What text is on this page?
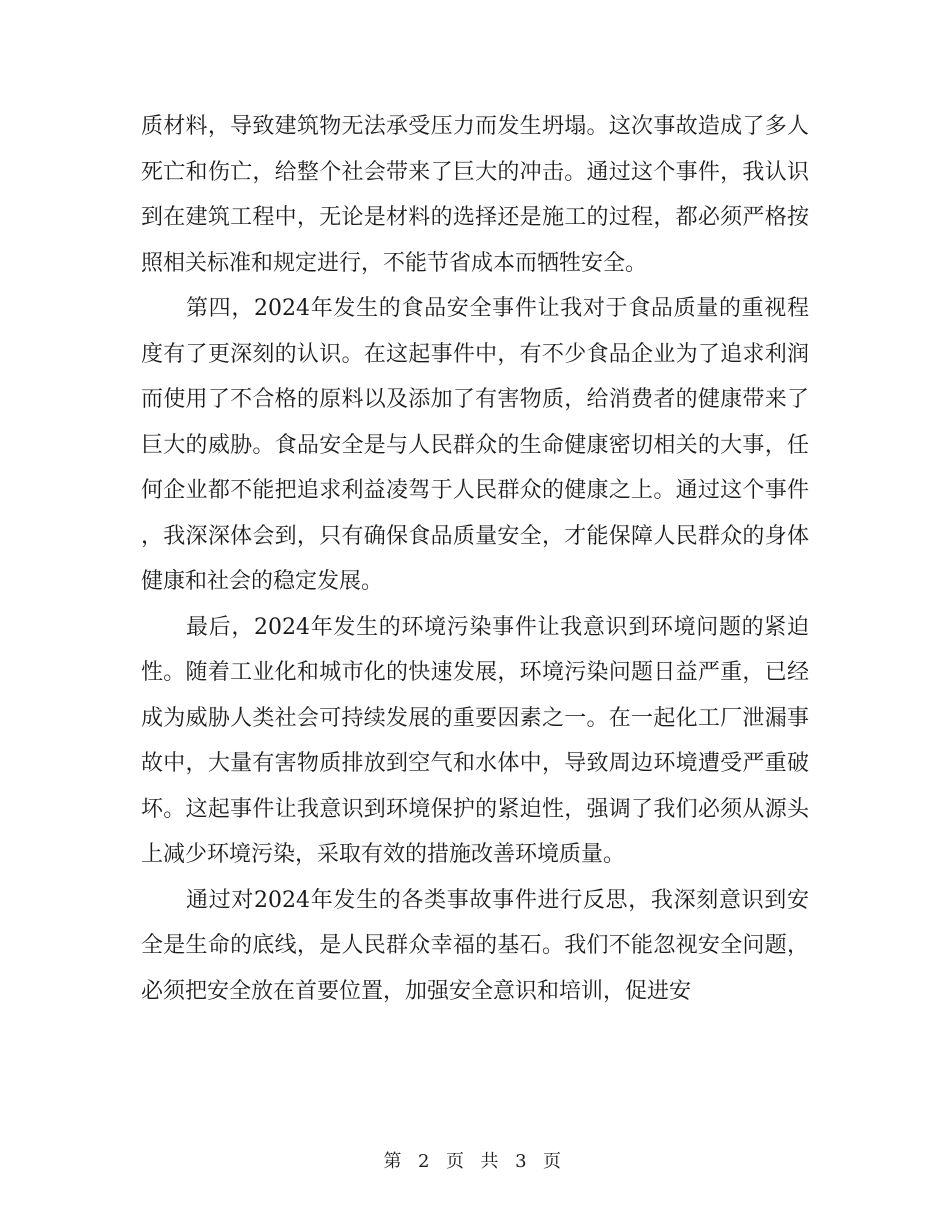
质材料，导致建筑物无法承受压力而发生坍塌。这次事故造成了多人死亡和伤亡，给整个社会带来了巨大的冲击。通过这个事件，我认识到在建筑工程中，无论是材料的选择还是施工的过程，都必须严格按照相关标准和规定进行，不能节省成本而牺牲安全。

第四，2024年发生的食品安全事件让我对于食品质量的重视程度有了更深刻的认识。在这起事件中，有不少食品企业为了追求利润而使用了不合格的原料以及添加了有害物质，给消费者的健康带来了巨大的威胁。食品安全是与人民群众的生命健康密切相关的大事，任何企业都不能把追求利益凌驾于人民群众的健康之上。通过这个事件，我深深体会到，只有确保食品质量安全，才能保障人民群众的身体健康和社会的稳定发展。

最后，2024年发生的环境污染事件让我意识到环境问题的紧迫性。随着工业化和城市化的快速发展，环境污染问题日益严重，已经成为威胁人类社会可持续发展的重要因素之一。在一起化工厂泄漏事故中，大量有害物质排放到空气和水体中，导致周边环境遭受严重破坏。这起事件让我意识到环境保护的紧迫性，强调了我们必须从源头上减少环境污染，采取有效的措施改善环境质量。

通过对2024年发生的各类事故事件进行反思，我深刻意识到安全是生命的底线，是人民群众幸福的基石。我们不能忽视安全问题，必须把安全放在首要位置，加强安全意识和培训，促进安

第 2 页 共 3 页
